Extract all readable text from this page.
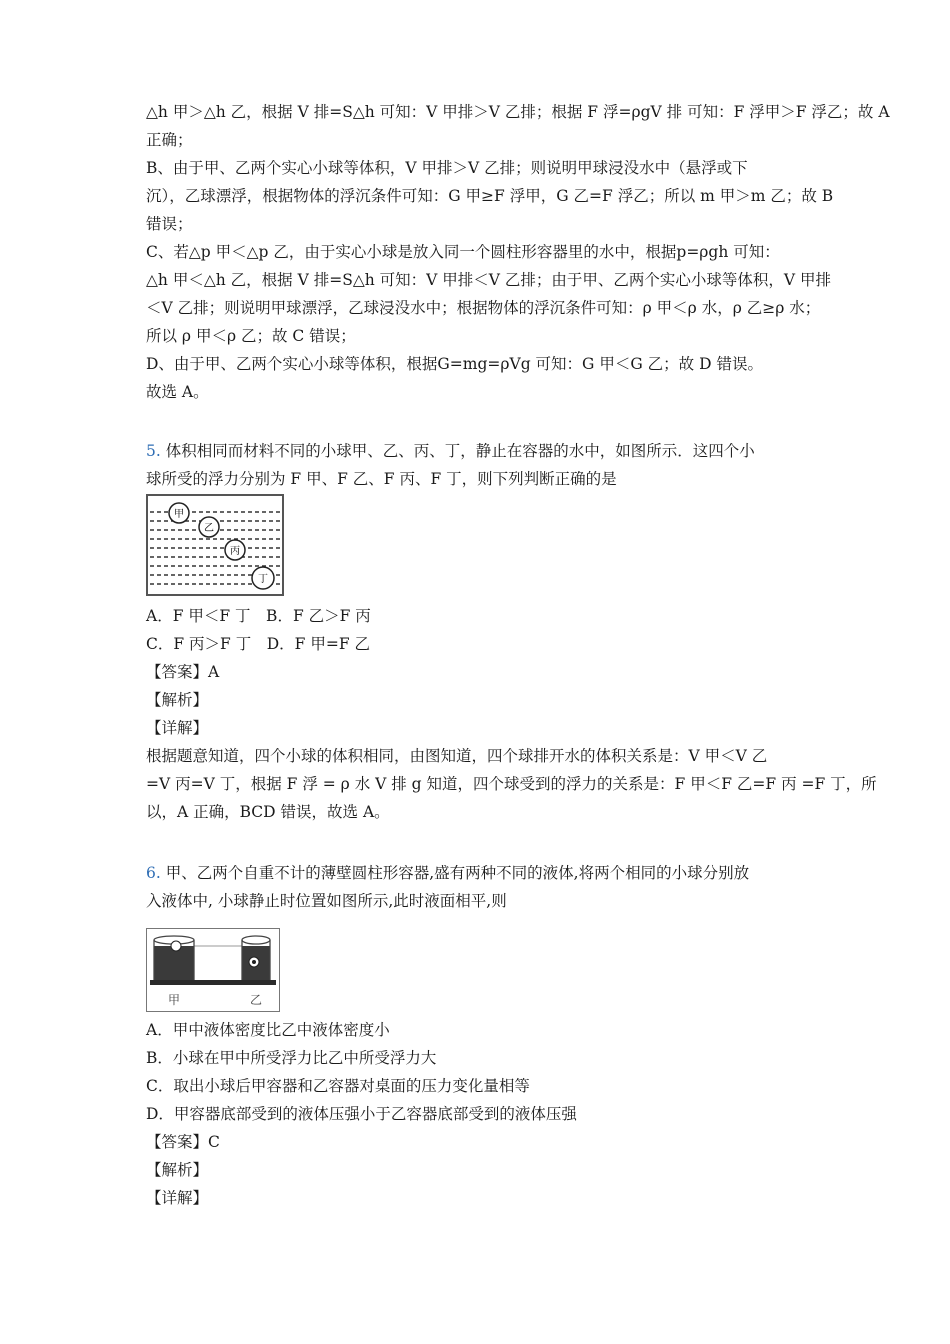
△h 甲＞△h 乙，根据 V 排=S△h 可知：V 甲排＞V 乙排；根据 F 浮=ρgV 排 可知：F 浮甲＞F 浮乙；故 A
正确；
B、由于甲、乙两个实心小球等体积，V 甲排＞V 乙排；则说明甲球浸没水中（悬浮或下
沉），乙球漂浮，根据物体的浮沉条件可知：G 甲≥F 浮甲，G 乙=F 浮乙；所以 m 甲＞m 乙；故 B
错误；
C、若△p 甲＜△p 乙，由于实心小球是放入同一个圆柱形容器里的水中，根据p=ρgh 可知：
△h 甲＜△h 乙，根据 V 排=S△h 可知：V 甲排＜V 乙排；由于甲、乙两个实心小球等体积，V 甲排
＜V 乙排；则说明甲球漂浮，乙球浸没水中；根据物体的浮沉条件可知：ρ 甲＜ρ 水，ρ 乙≥ρ 水；
所以 ρ 甲＜ρ 乙；故 C 错误；
D、由于甲、乙两个实心小球等体积，根据G=mg=ρVg 可知：G 甲＜G 乙；故 D 错误。
故选 A。
5. 体积相同而材料不同的小球甲、乙、丙、丁，静止在容器的水中，如图所示．这四个小
球所受的浮力分别为 F 甲、F 乙、F 丙、F 丁，则下列判断正确的是
甲
乙
丙
丁
A．F 甲＜F 丁　B．F 乙＞F 丙
C．F 丙＞F 丁　D．F 甲=F 乙
【答案】A
【解析】
【详解】
根据题意知道，四个小球的体积相同，由图知道，四个球排开水的体积关系是：V 甲＜V 乙
=V 丙=V 丁，根据 F 浮 = ρ 水 V 排 g 知道，四个球受到的浮力的关系是：F 甲＜F 乙=F 丙 =F 丁，所
以，A 正确，BCD 错误，故选 A。
6. 甲、乙两个自重不计的薄壁圆柱形容器,盛有两种不同的液体,将两个相同的小球分别放
入液体中, 小球静止时位置如图所示,此时液面相平,则
甲	乙
A．甲中液体密度比乙中液体密度小
B．小球在甲中所受浮力比乙中所受浮力大
C．取出小球后甲容器和乙容器对桌面的压力变化量相等
D．甲容器底部受到的液体压强小于乙容器底部受到的液体压强
【答案】C
【解析】
【详解】
